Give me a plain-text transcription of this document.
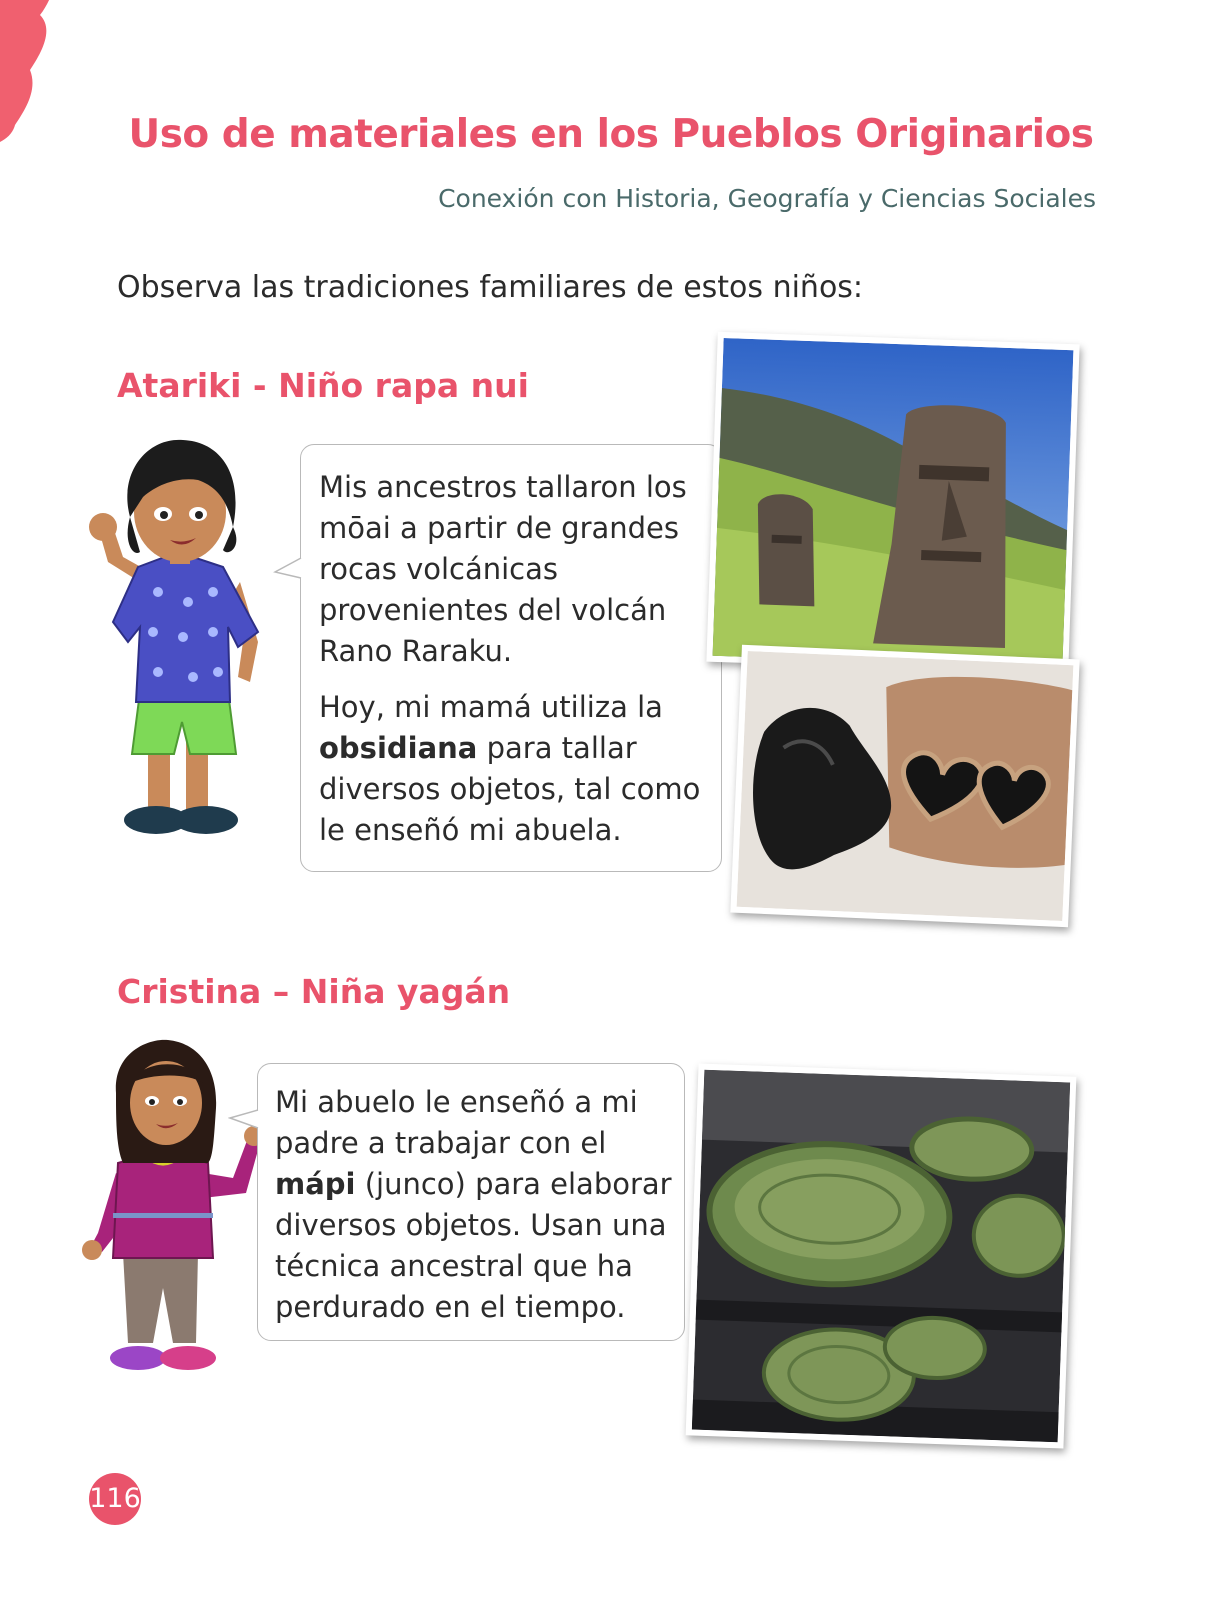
Uso de materiales en los Pueblos Originarios
Conexión con Historia, Geografía y Ciencias Sociales
Observa las tradiciones familiares de estos niños:
Atariki - Niño rapa nui

Mis ancestros tallaron los mōai a partir de grandes rocas volcánicas provenientes del volcán Rano Raraku.

Hoy, mi mamá utiliza la obsidiana para tallar diversos objetos, tal como le enseñó mi abuela.

Cristina – Niña yagán

Mi abuelo le enseñó a mi padre a trabajar con el mápi (junco) para elaborar diversos objetos. Usan una técnica ancestral que ha perdurado en el tiempo.

116
